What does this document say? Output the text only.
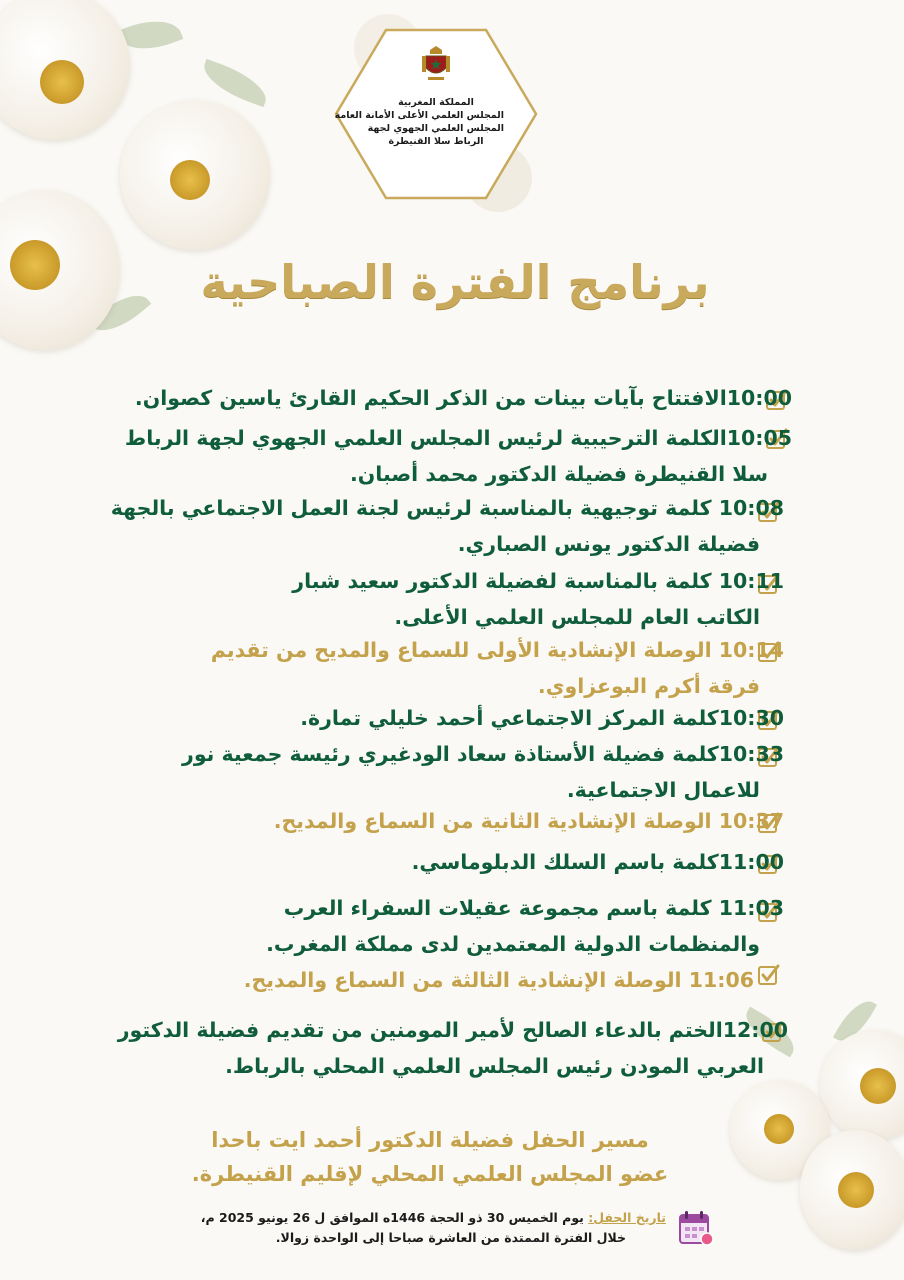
المملكة المغربية
المجلس العلمي الأعلى الأمانة العامة
المجلس العلمي الجهوي لجهة
الرباط سلا القنيطرة
برنامج الفترة الصباحية
10:00الافتتاح بآيات بينات من الذكر الحكيم القارئ ياسين كصوان.
10:05الكلمة الترحيبية لرئيس المجلس العلمي الجهوي لجهة الرباط
سلا القنيطرة فضيلة الدكتور محمد أصبان.
10:08 كلمة توجيهية بالمناسبة لرئيس لجنة العمل الاجتماعي بالجهة
فضيلة الدكتور يونس الصباري.
10:11 كلمة بالمناسبة لفضيلة الدكتور سعيد شبار
الكاتب العام للمجلس العلمي الأعلى.
10:14 الوصلة الإنشادية الأولى للسماع والمديح من تقديم
فرقة أكرم البوعزاوي.
10:30كلمة المركز الاجتماعي أحمد خليلي تمارة.
10:33كلمة فضيلة الأستاذة سعاد الودغيري رئيسة جمعية نور
للاعمال الاجتماعية.
10:37 الوصلة الإنشادية الثانية من السماع والمديح.
11:00كلمة باسم السلك الدبلوماسي.
11:03 كلمة باسم مجموعة عقيلات السفراء العرب
والمنظمات الدولية المعتمدين لدى مملكة المغرب.
11:06 الوصلة الإنشادية الثالثة من السماع والمديح.
12:00الختم بالدعاء الصالح لأمير المومنين من تقديم فضيلة الدكتور
العربي المودن رئيس المجلس العلمي المحلي بالرباط.
مسير الحفل فضيلة الدكتور أحمد ايت باحدا
عضو المجلس العلمي المحلي لإقليم القنيطرة.
تاريخ الحفل: يوم الخميس 30 ذو الحجة 1446ه الموافق ل 26 يونيو 2025 م،
خلال الفترة الممتدة من العاشرة صباحا إلى الواحدة زوالا.
